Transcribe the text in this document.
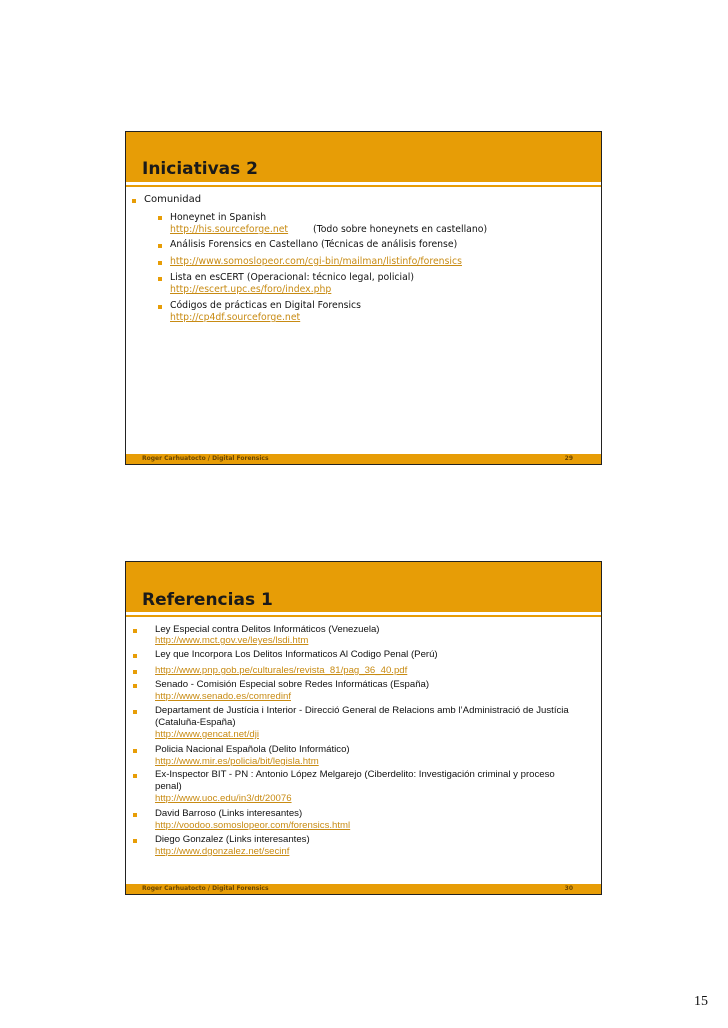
Iniciativas 2
Comunidad
Honeynet in Spanish
http://his.sourceforge.net	(Todo sobre honeynets en castellano)
Análisis Forensics en Castellano (Técnicas de análisis forense)
http://www.somoslopeor.com/cgi-bin/mailman/listinfo/forensics
Lista en esCERT (Operacional: técnico legal, policial)
http://escert.upc.es/foro/index.php
Códigos de prácticas en Digital Forensics
http://cp4df.sourceforge.net
Roger Carhuatocto / Digital Forensics	29
Referencias 1
Ley Especial contra Delitos Informáticos (Venezuela)
http://www.mct.gov.ve/leyes/lsdi.htm
Ley que Incorpora Los Delitos Informaticos Al Codigo Penal (Perú)
http://www.pnp.gob.pe/culturales/revista_81/pag_36_40.pdf
Senado - Comisión Especial sobre Redes Informáticas (España)
http://www.senado.es/comredinf
Departament de Justícia i Interior - Direcció General de Relacions amb l’Administració de Justícia
(Cataluña-España)
http://www.gencat.net/dji
Policia Nacional Española (Delito Informático)
http://www.mir.es/policia/bit/legisla.htm
Ex-Inspector BIT - PN : Antonio López Melgarejo (Ciberdelito: Investigación criminal y proceso
penal)
http://www.uoc.edu/in3/dt/20076
David Barroso (Links interesantes)
http://voodoo.somoslopeor.com/forensics.html
Diego Gonzalez (Links interesantes)
http://www.dgonzalez.net/secinf
Roger Carhuatocto / Digital Forensics	30
15
